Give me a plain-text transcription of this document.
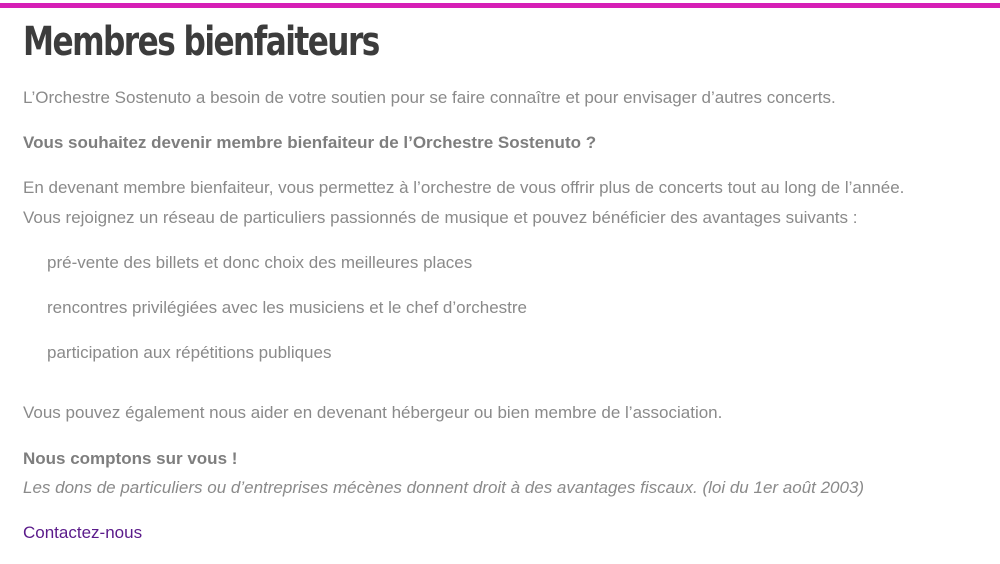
Membres bienfaiteurs

L’Orchestre Sostenuto a besoin de votre soutien pour se faire connaître et pour envisager d’autres concerts.

Vous souhaitez devenir membre bienfaiteur de l’Orchestre Sostenuto ?

En devenant membre bienfaiteur, vous permettez à l’orchestre de vous offrir plus de concerts tout au long de l’année.

Vous rejoignez un réseau de particuliers passionnés de musique et pouvez bénéficier des avantages suivants :

pré-vente des billets et donc choix des meilleures places

rencontres privilégiées avec les musiciens et le chef d’orchestre

participation aux répétitions publiques

Vous pouvez également nous aider en devenant hébergeur ou bien membre de l’association.

Nous comptons sur vous !

Les dons de particuliers ou d’entreprises mécènes donnent droit à des avantages fiscaux. (loi du 1er août 2003)

Contactez-nous
